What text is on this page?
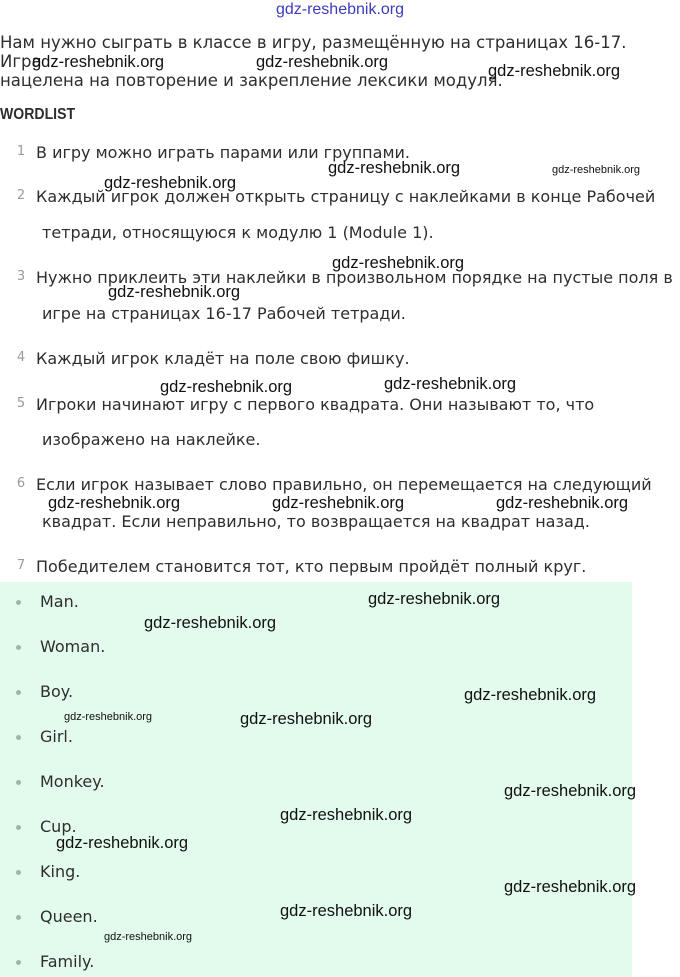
gdz-reshebnik.org

Нам нужно сыграть в классе в игру, размещённую на страницах 16-17. Игра
нацелена на повторение и закрепление лексики модуля.

WORDLIST
1 В игру можно играть парами или группами.
2 Каждый игрок должен открыть страницу с наклейками в конце Рабочей
тетради, относящуюся к модулю 1 (Module 1).
3 Нужно приклеить эти наклейки в произвольном порядке на пустые поля в
игре на страницах 16-17 Рабочей тетради.
4 Каждый игрок кладёт на поле свою фишку.
5 Игроки начинают игру с первого квадрата. Они называют то, что
изображено на наклейке.
6 Если игрок называет слово правильно, он перемещается на следующий
квадрат. Если неправильно, то возвращается на квадрат назад.
7 Победителем становится тот, кто первым пройдёт полный круг.
Man.
Woman.
Boy.
Girl.
Monkey.
Cup.
King.
Queen.
Family.
gdz-reshebnik.org	gdz-reshebnik.org	gdz-reshebnik.org
gdz-reshebnik.org	gdz-reshebnik.org
gdz-reshebnik.org
gdz-reshebnik.org
gdz-reshebnik.org
gdz-reshebnik.org	gdz-reshebnik.org
gdz-reshebnik.org	gdz-reshebnik.org	gdz-reshebnik.org
gdz-reshebnik.org
gdz-reshebnik.org
gdz-reshebnik.org
gdz-reshebnik.org	gdz-reshebnik.org
gdz-reshebnik.org
gdz-reshebnik.org
gdz-reshebnik.org
gdz-reshebnik.org
gdz-reshebnik.org
gdz-reshebnik.org
